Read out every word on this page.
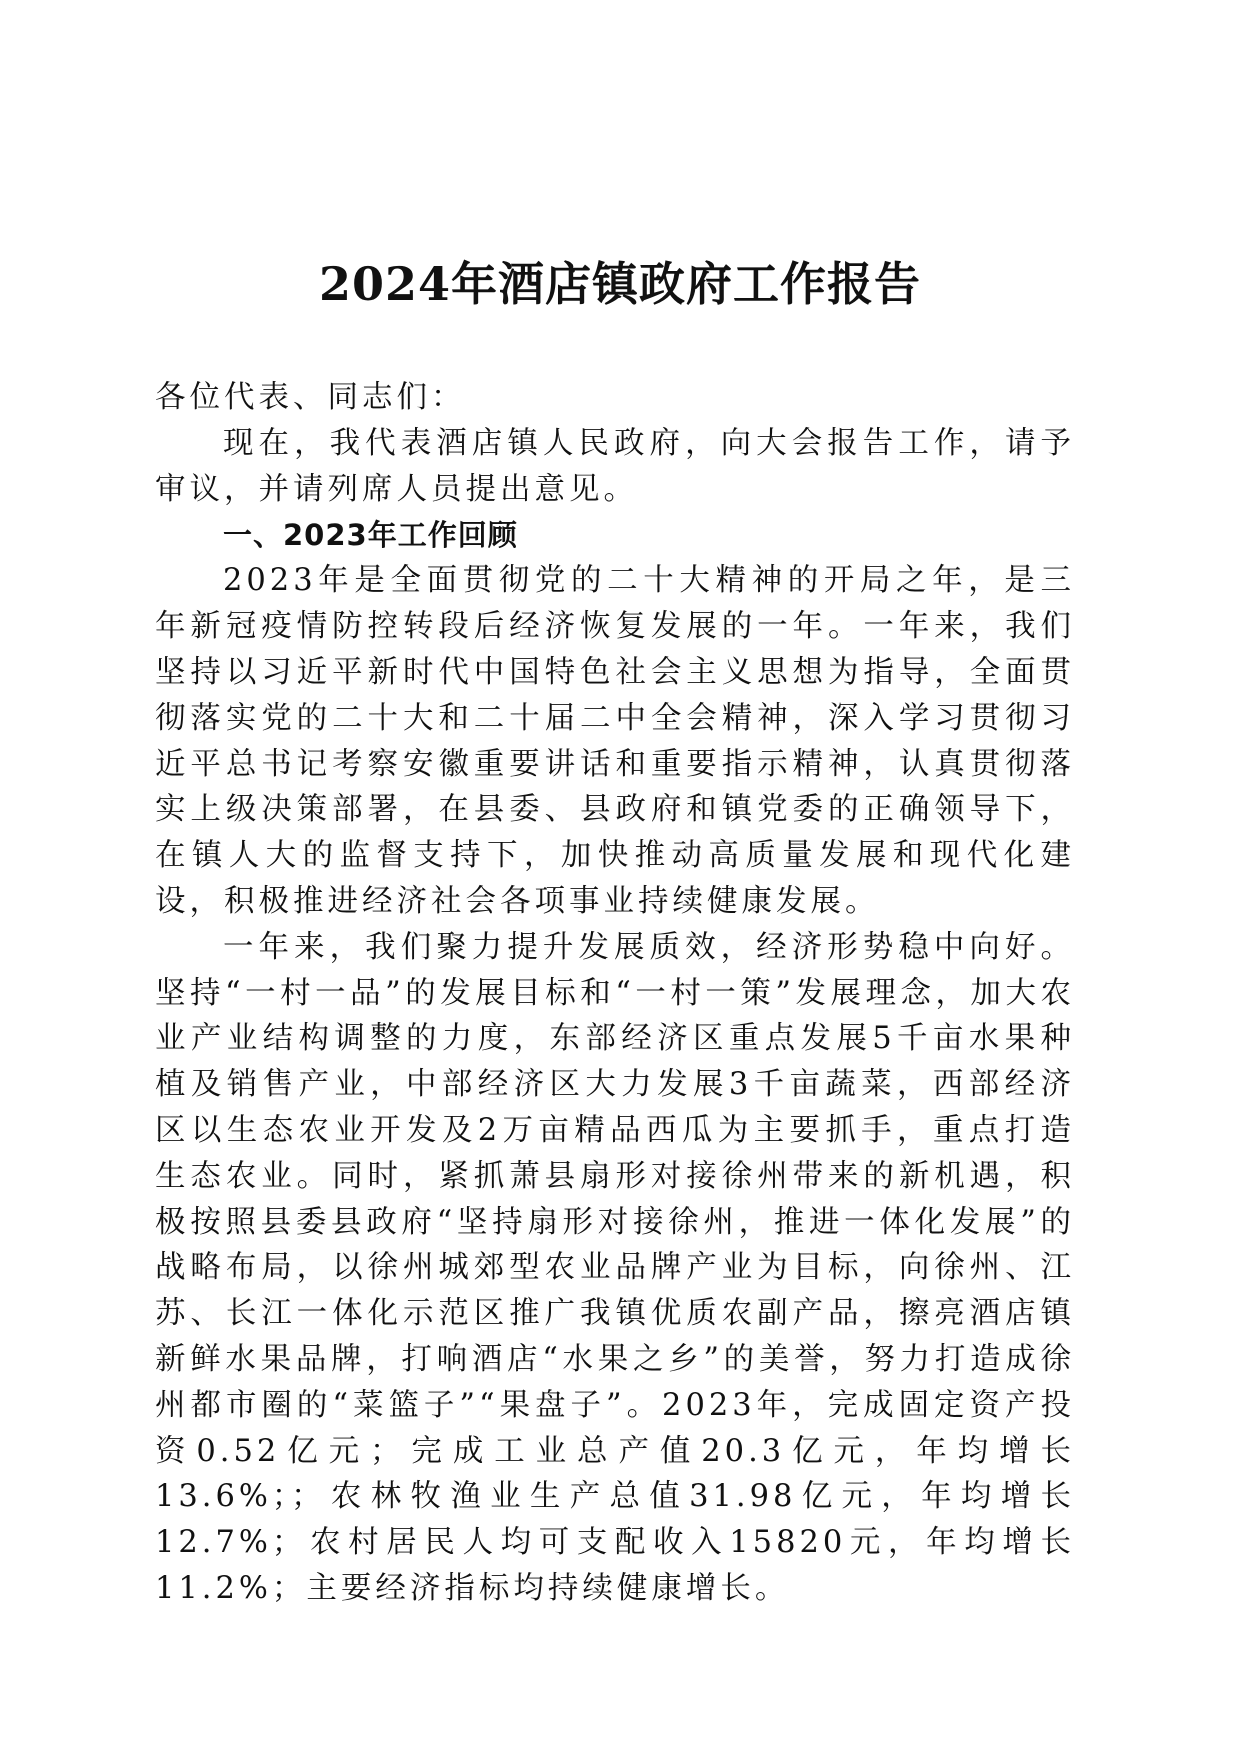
2024年酒店镇政府工作报告

各位代表、同志们：

现在，我代表酒店镇人民政府，向大会报告工作，请予审议，并请列席人员提出意见。

一、2023年工作回顾

2023年是全面贯彻党的二十大精神的开局之年，是三年新冠疫情防控转段后经济恢复发展的一年。一年来，我们坚持以习近平新时代中国特色社会主义思想为指导，全面贯彻落实党的二十大和二十届二中全会精神，深入学习贯彻习近平总书记考察安徽重要讲话和重要指示精神，认真贯彻落实上级决策部署，在县委、县政府和镇党委的正确领导下，在镇人大的监督支持下，加快推动高质量发展和现代化建设，积极推进经济社会各项事业持续健康发展。

一年来，我们聚力提升发展质效，经济形势稳中向好。坚持“一村一品”的发展目标和“一村一策”发展理念，加大农业产业结构调整的力度，东部经济区重点发展5千亩水果种植及销售产业，中部经济区大力发展3千亩蔬菜，西部经济区以生态农业开发及2万亩精品西瓜为主要抓手，重点打造生态农业。同时，紧抓萧县扇形对接徐州带来的新机遇，积极按照县委县政府“坚持扇形对接徐州，推进一体化发展”的战略布局，以徐州城郊型农业品牌产业为目标，向徐州、江苏、长江一体化示范区推广我镇优质农副产品，擦亮酒店镇新鲜水果品牌，打响酒店“水果之乡”的美誉，努力打造成徐州都市圈的“菜篮子”“果盘子”。2023年，完成固定资产投资0.52亿元；完成工业总产值20.3亿元，年均增长13.6%；；农林牧渔业生产总值31.98亿元，年均增长12.7%；农村居民人均可支配收入15820元，年均增长11.2%；主要经济指标均持续健康增长。
